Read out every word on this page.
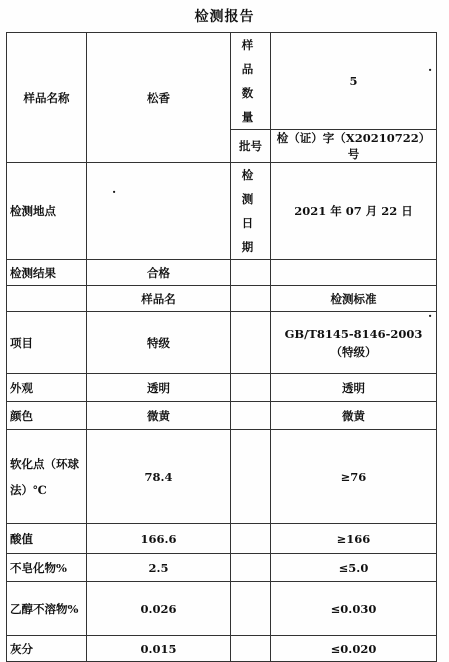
检测报告
样品名称	松香	样品数量	5
		批号	检（证）字（X20210722）号
检测地点		检测日期	2021 年 07 月 22 日
检测结果	合格		
	样品名		检测标准
项目	特级		GB/T8145-8146-2003（特级）
外观	透明		透明
颜色	微黄		微黄
软化点（环球法）℃	78.4		≥76
酸值	166.6		≥166
不皂化物%	2.5		≤5.0
乙醇不溶物%	0.026		≤0.030
灰分	0.015		≤0.020
.
.
.
